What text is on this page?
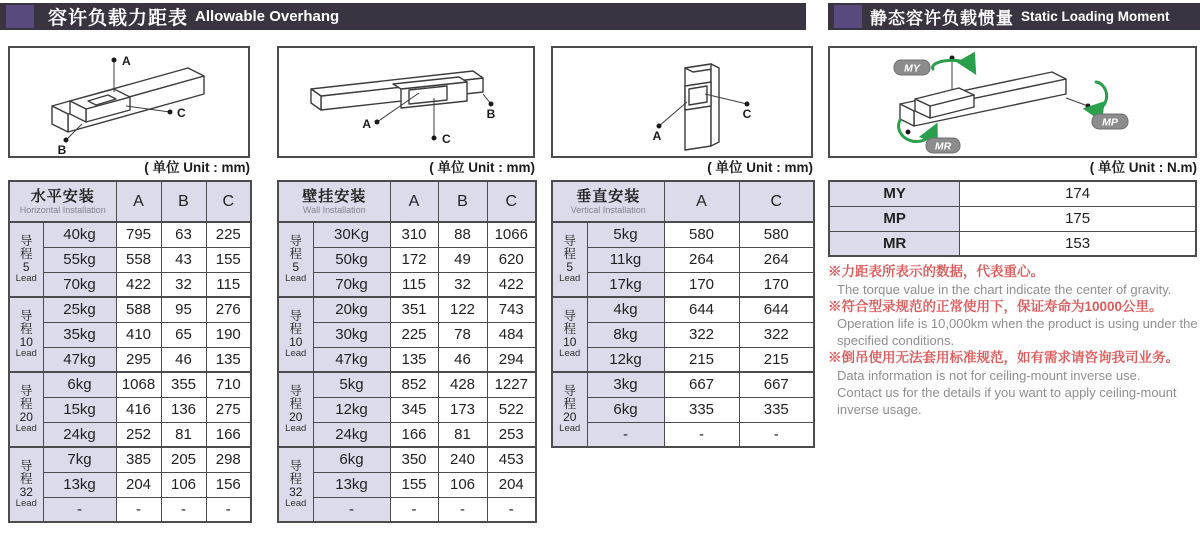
容许负载力距表 Allowable Overhang	静态容许负载惯量 Static Loading Moment
A
B
C
( 单位 Unit : mm)
水平安装
Horizontal Installation		A	B	C

导
程
5
Lead	40kg	795	63	225
	55kg	558	43	155
	70kg	422	32	115

导
程
10
Lead	25kg	588	95	276
	35kg	410	65	190
	47kg	295	46	135

导
程
20
Lead	6kg	1068	355	710
	15kg	416	136	275
	24kg	252	81	166

导
程
32
Lead	7kg	385	205	298
	13kg	204	106	156
	-	-	-	-
A
B
C
( 单位 Unit : mm)
壁挂安装
Wall Installation		A	B	C

导
程
5
Lead	30Kg	310	88	1066
	50kg	172	49	620
	70kg	115	32	422

导
程
10
Lead	20kg	351	122	743
	30kg	225	78	484
	47kg	135	46	294

导
程
20
Lead	5kg	852	428	1227
	12kg	345	173	522
	24kg	166	81	253

导
程
32
Lead	6kg	350	240	453
	13kg	155	106	204
	-	-	-	-
A
C
( 单位 Unit : mm)
垂直安装
Vertical Installation		A	C

导
程
5
Lead	5kg	580	580
	11kg	264	264
	17kg	170	170

导
程
10
Lead	4kg	644	644
	8kg	322	322
	12kg	215	215

导
程
20
Lead	3kg	667	667
	6kg	335	335
	-	-	-
MY
MP
MR
( 单位 Unit : N.m)
MY	174
MP	175
MR	153
※力距表所表示的数据，代表重心。
The torque value in the chart indicate the center of gravity.
※符合型录规范的正常使用下，保证寿命为10000公里。
Operation life is 10,000km when the product is using under the
specified conditions.
※倒吊使用无法套用标准规范，如有需求请咨询我司业务。
Data information is not for ceiling-mount inverse use.
Contact us for the details if you want to apply ceiling-mount
inverse usage.
